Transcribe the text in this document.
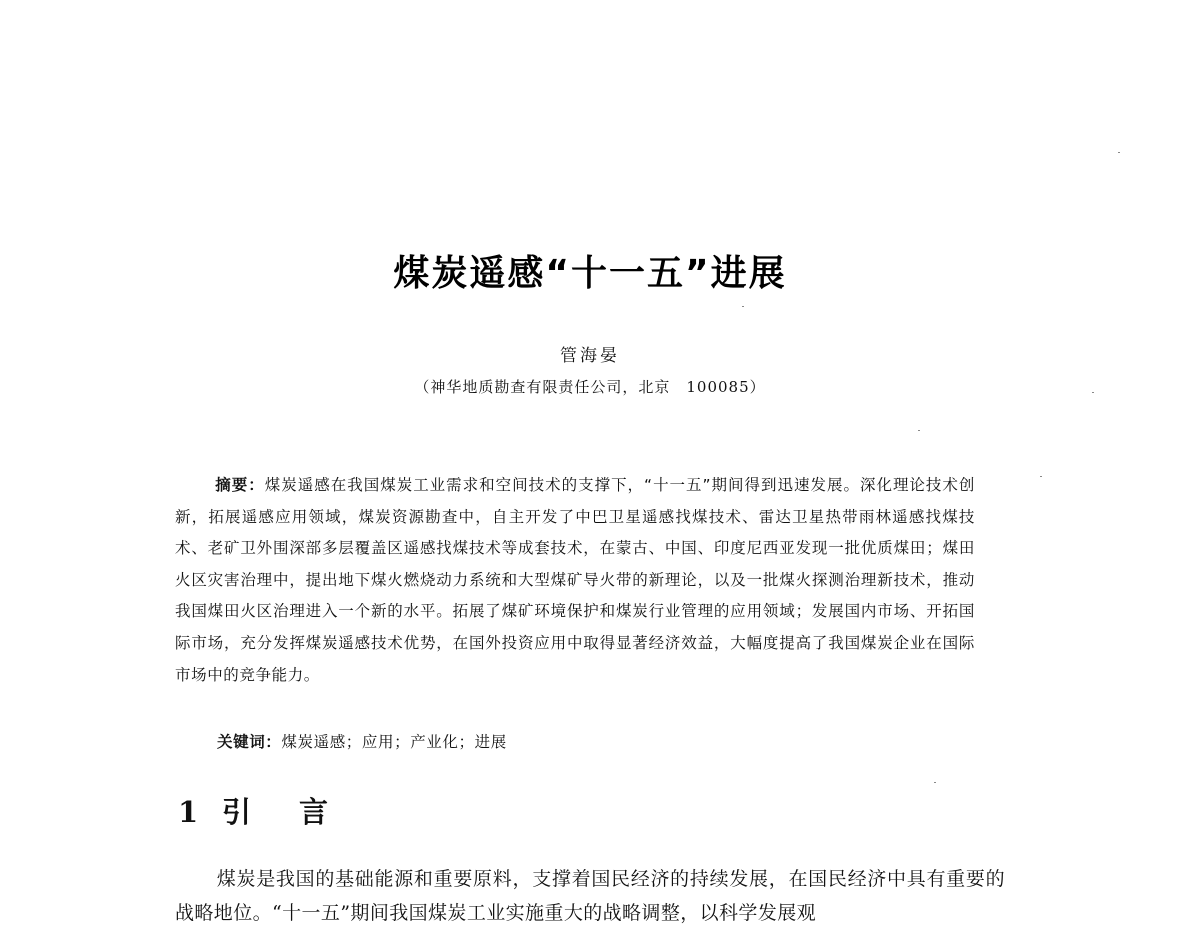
煤炭遥感“十一五”进展
管海晏
（神华地质勘查有限责任公司，北京　100085）

摘要：煤炭遥感在我国煤炭工业需求和空间技术的支撑下，“十一五”期间得到迅速发展。深化理论技术创新，拓展遥感应用领域，煤炭资源勘查中，自主开发了中巴卫星遥感找煤技术、雷达卫星热带雨林遥感找煤技术、老矿卫外围深部多层覆盖区遥感找煤技术等成套技术，在蒙古、中国、印度尼西亚发现一批优质煤田；煤田火区灾害治理中，提出地下煤火燃烧动力系统和大型煤矿导火带的新理论，以及一批煤火探测治理新技术，推动我国煤田火区治理进入一个新的水平。拓展了煤矿环境保护和煤炭行业管理的应用领域；发展国内市场、开拓国际市场，充分发挥煤炭遥感技术优势，在国外投资应用中取得显著经济效益，大幅度提高了我国煤炭企业在国际市场中的竞争能力。

关键词：煤炭遥感；应用；产业化；进展

1 引言

煤炭是我国的基础能源和重要原料，支撑着国民经济的持续发展，在国民经济中具有重要的战略地位。“十一五”期间我国煤炭工业实施重大的战略调整，以科学发展观
